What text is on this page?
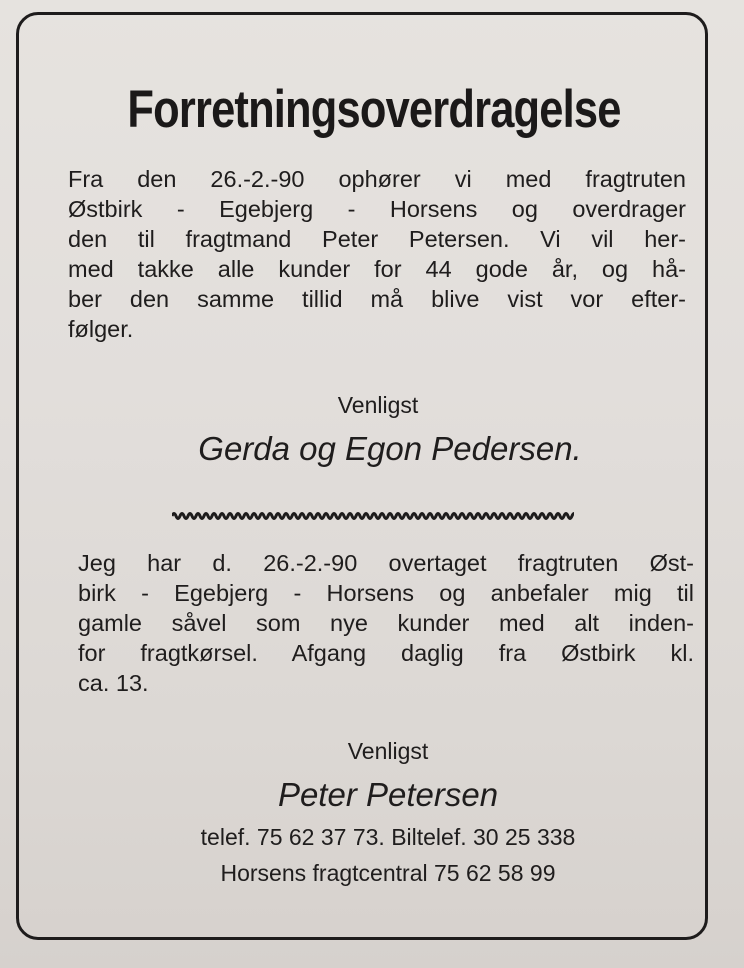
Forretningsoverdragelse
Fra den 26.-2.-90 ophører vi med fragtruten
Østbirk - Egebjerg - Horsens og overdrager
den til fragtmand Peter Petersen. Vi vil her-
med takke alle kunder for 44 gode år, og hå-
ber den samme tillid må blive vist vor efter-
følger.
Venligst
Gerda og Egon Pedersen.
Jeg har d. 26.-2.-90 overtaget fragtruten Øst-
birk - Egebjerg - Horsens og anbefaler mig til
gamle såvel som nye kunder med alt inden-
for fragtkørsel. Afgang daglig fra Østbirk kl.
ca. 13.
Venligst
Peter Petersen
telef. 75 62 37 73. Biltelef. 30 25 338
Horsens fragtcentral 75 62 58 99
